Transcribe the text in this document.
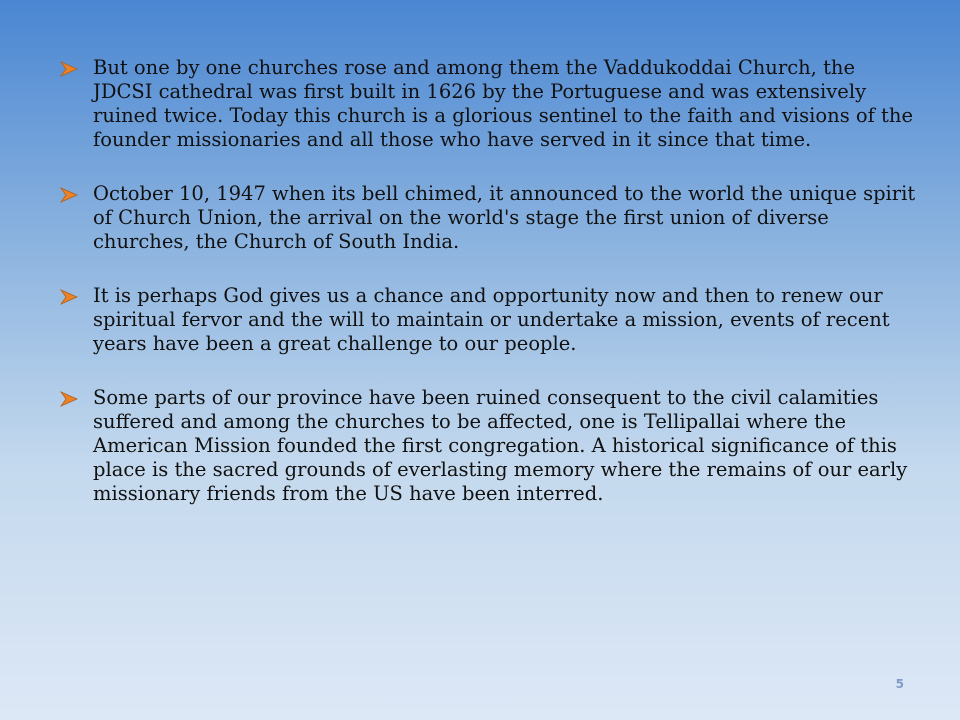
But one by one churches rose and among them the Vaddukoddai Church, the JDCSI cathedral was first built in 1626 by the Portuguese and was extensively ruined twice. Today this church is a glorious sentinel to the faith and visions of the founder missionaries and all those who have served in it since that time.
October 10, 1947 when its bell chimed, it announced to the world the unique spirit of Church Union, the arrival on the world's stage the first union of diverse churches, the Church of South India.
It is perhaps God gives us a chance and opportunity now and then to renew our spiritual fervor and the will to maintain or undertake a mission, events of recent years have been a great challenge to our people.
Some parts of our province have been ruined consequent to the civil calamities suffered and among the churches to be affected, one is Tellipallai where the American Mission founded the first congregation. A historical significance of this place is the sacred grounds of everlasting memory where the remains of our early missionary friends from the US have been interred.
5
